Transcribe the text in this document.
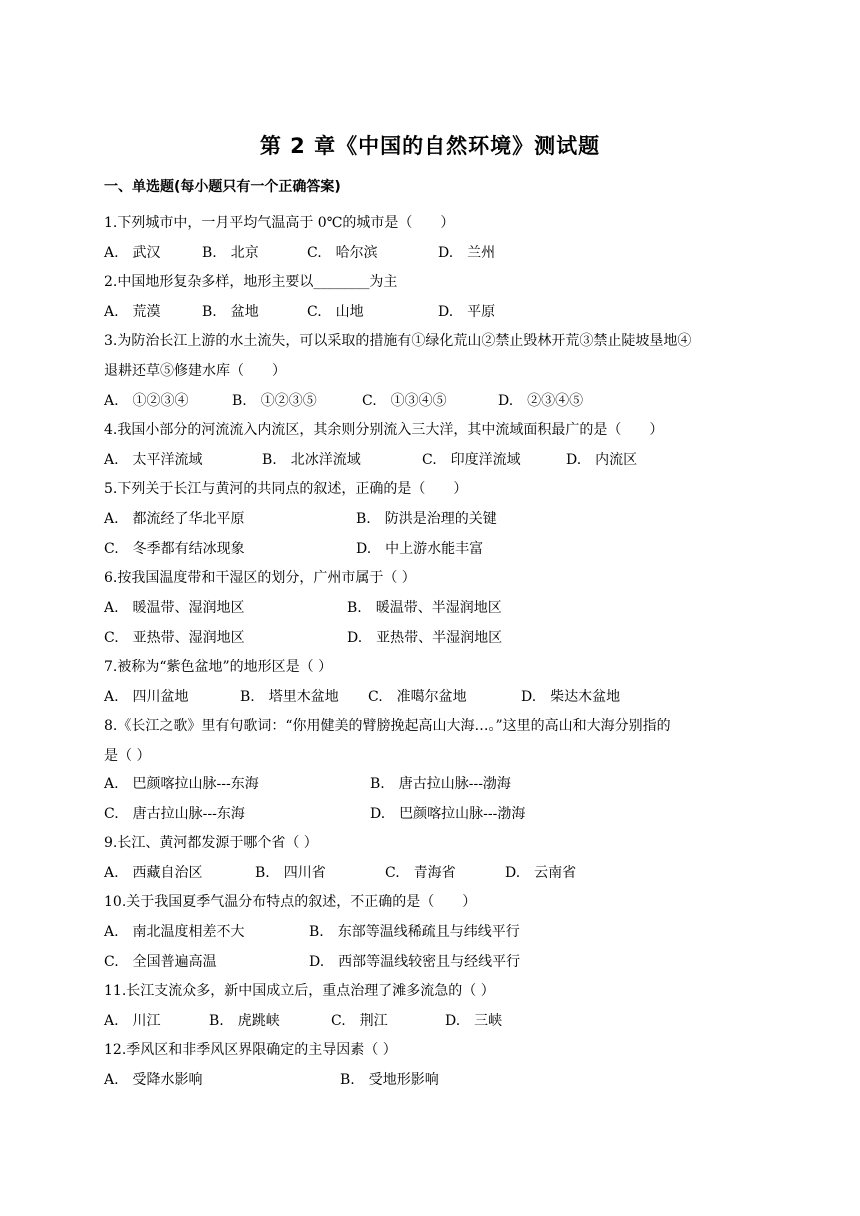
第 2 章《中国的自然环境》测试题
一、单选题(每小题只有一个正确答案)
1.下列城市中，一月平均气温高于 0℃的城市是（　　）
A.　武汉	B.　北京	C.　哈尔滨	D.　兰州
2.中国地形复杂多样，地形主要以________为主
A.　荒漠	B.　盆地	C.　山地	D.　平原
3.为防治长江上游的水土流失，可以采取的措施有①绿化荒山②禁止毁林开荒③禁止陡坡垦地④
退耕还草⑤修建水库（　　）
A.　①②③④	B.　①②③⑤	C.　①③④⑤	D.　②③④⑤
4.我国小部分的河流流入内流区，其余则分别流入三大洋，其中流域面积最广的是（　　）
A.　太平洋流域	B.　北冰洋流域	C.　印度洋流域	D.　内流区
5.下列关于长江与黄河的共同点的叙述，正确的是（　　）
A.　都流经了华北平原	B.　防洪是治理的关键
C.　冬季都有结冰现象	D.　中上游水能丰富
6.按我国温度带和干湿区的划分，广州市属于（ ）
A.　暖温带、湿润地区	B.　暖温带、半湿润地区
C.　亚热带、湿润地区	D.　亚热带、半湿润地区
7.被称为“紫色盆地”的地形区是（ ）
A.　四川盆地	B.　塔里木盆地 C.　准噶尔盆地	D.　柴达木盆地
8.《长江之歌》里有句歌词：“你用健美的臂膀挽起高山大海…。”这里的高山和大海分别指的
是（ ）
A.　巴颜喀拉山脉---东海	B.　唐古拉山脉---渤海
C.　唐古拉山脉---东海	D.　巴颜喀拉山脉---渤海
9.长江、黄河都发源于哪个省（ ）
A.　西藏自治区	B.　四川省	C.　青海省	D.　云南省
10.关于我国夏季气温分布特点的叙述，不正确的是（　　）
A.　南北温度相差不大	B.　东部等温线稀疏且与纬线平行
C.　全国普遍高温	D.　西部等温线较密且与经线平行
11.长江支流众多，新中国成立后，重点治理了滩多流急的（ ）
A.　川江	B.　虎跳峡	C.　荆江	D.　三峡
12.季风区和非季风区界限确定的主导因素（ ）
A.　受降水影响	B.　受地形影响
